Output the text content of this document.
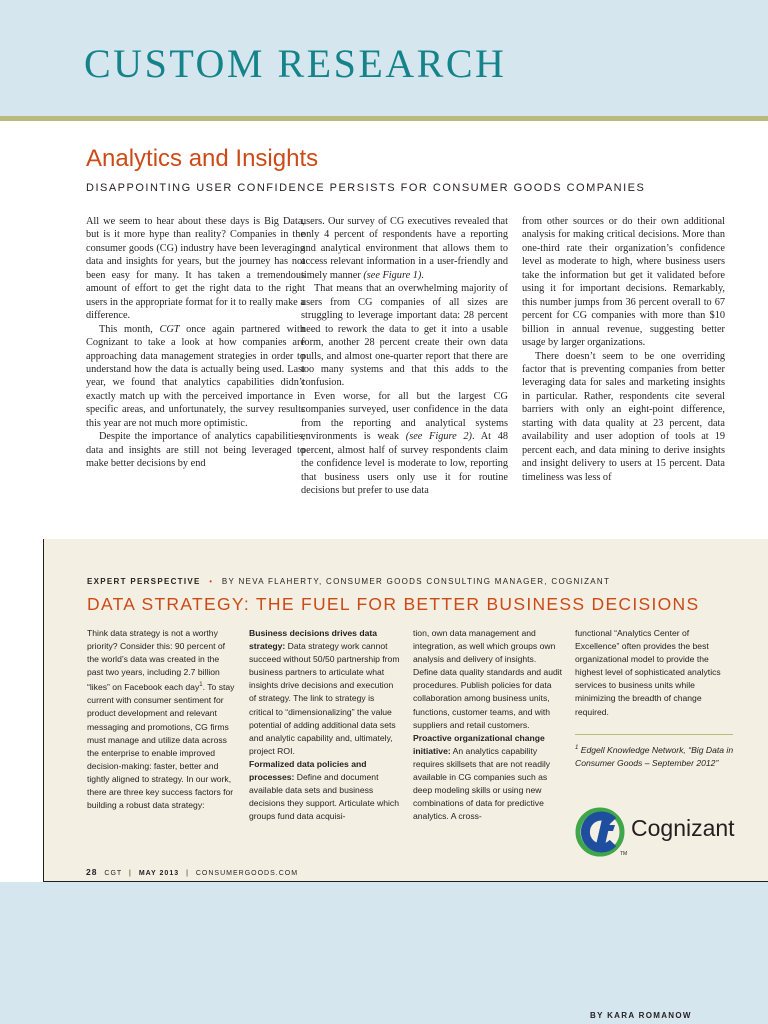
CUSTOM RESEARCH
Analytics and Insights
DISAPPOINTING USER CONFIDENCE PERSISTS FOR CONSUMER GOODS COMPANIES

All we seem to hear about these days is Big Data, but is it more hype than reality? Companies in the consumer goods (CG) industry have been leveraging data and insights for years, but the journey has not been easy for many. It has taken a tremendous amount of effort to get the right data to the right users in the appropriate format for it to really make a difference.

This month, CGT once again partnered with Cognizant to take a look at how companies are approaching data management strategies in order to understand how the data is actually being used. Last year, we found that analytics capabilities didn’t exactly match up with the perceived importance in specific areas, and unfortunately, the survey results this year are not much more optimistic.

Despite the importance of analytics capabilities, data and insights are still not being leveraged to make better decisions by end

users. Our survey of CG executives revealed that only 4 percent of respondents have a reporting and analytical environment that allows them to access relevant information in a user-friendly and timely manner (see Figure 1).

That means that an overwhelming majority of users from CG companies of all sizes are struggling to leverage important data: 28 percent need to rework the data to get it into a usable form, another 28 percent create their own data pulls, and almost one-quarter report that there are too many systems and that this adds to the confusion.

Even worse, for all but the largest CG companies surveyed, user confidence in the data from the reporting and analytical systems environments is weak (see Figure 2). At 48 percent, almost half of survey respondents claim the confidence level is moderate to low, reporting that business users only use it for routine decisions but prefer to use data

from other sources or do their own additional analysis for making critical decisions. More than one-third rate their organization’s confidence level as moderate to high, where business users take the information but get it validated before using it for important decisions. Remarkably, this number jumps from 36 percent overall to 67 percent for CG companies with more than $10 billion in annual revenue, suggesting better usage by larger organizations.

There doesn’t seem to be one overriding factor that is preventing companies from better leveraging data for sales and marketing insights in particular. Rather, respondents cite several barriers with only an eight-point difference, starting with data quality at 23 percent, data availability and user adoption of tools at 19 percent each, and data mining to derive insights and insight delivery to users at 15 percent. Data timeliness was less of

EXPERT PERSPECTIVE • BY NEVA FLAHERTY, CONSUMER GOODS CONSULTING MANAGER, COGNIZANT
DATA STRATEGY: THE FUEL FOR BETTER BUSINESS DECISIONS

Think data strategy is not a worthy priority? Consider this: 90 percent of the world’s data was created in the past two years, including 2.7 billion “likes” on Facebook each day$^1$. To stay current with consumer sentiment for product development and relevant messaging and promotions, CG firms must manage and utilize data across the enterprise to enable improved decision-making: faster, better and tightly aligned to strategy. In our work, there are three key success factors for building a robust data strategy:

Business decisions drives data strategy: Data strategy work cannot succeed without 50/50 partnership from business partners to articulate what insights drive decisions and execution of strategy. The link to strategy is critical to “dimensionalizing” the value potential of adding additional data sets and analytic capability and, ultimately, project ROI.

Formalized data policies and processes: Define and document available data sets and business decisions they support. Articulate which groups fund data acquisi-

tion, own data management and integration, as well which groups own analysis and delivery of insights. Define data quality standards and audit procedures. Publish policies for data collaboration among business units, functions, customer teams, and with suppliers and retail customers.

Proactive organizational change initiative: An analytics capability requires skillsets that are not readily available in CG companies such as deep modeling skills or using new combinations of data for predictive analytics. A cross-

functional “Analytics Center of Excellence” often provides the best organizational model to provide the highest level of sophisticated analytics services to business units while minimizing the breadth of change required.

$^1$ Edgell Knowledge Network, “Big Data in Consumer Goods – September 2012”
TM
Cognizant
28 CGT | MAY 2013 | CONSUMERGOODS.COM
BY KARA ROMANOW
